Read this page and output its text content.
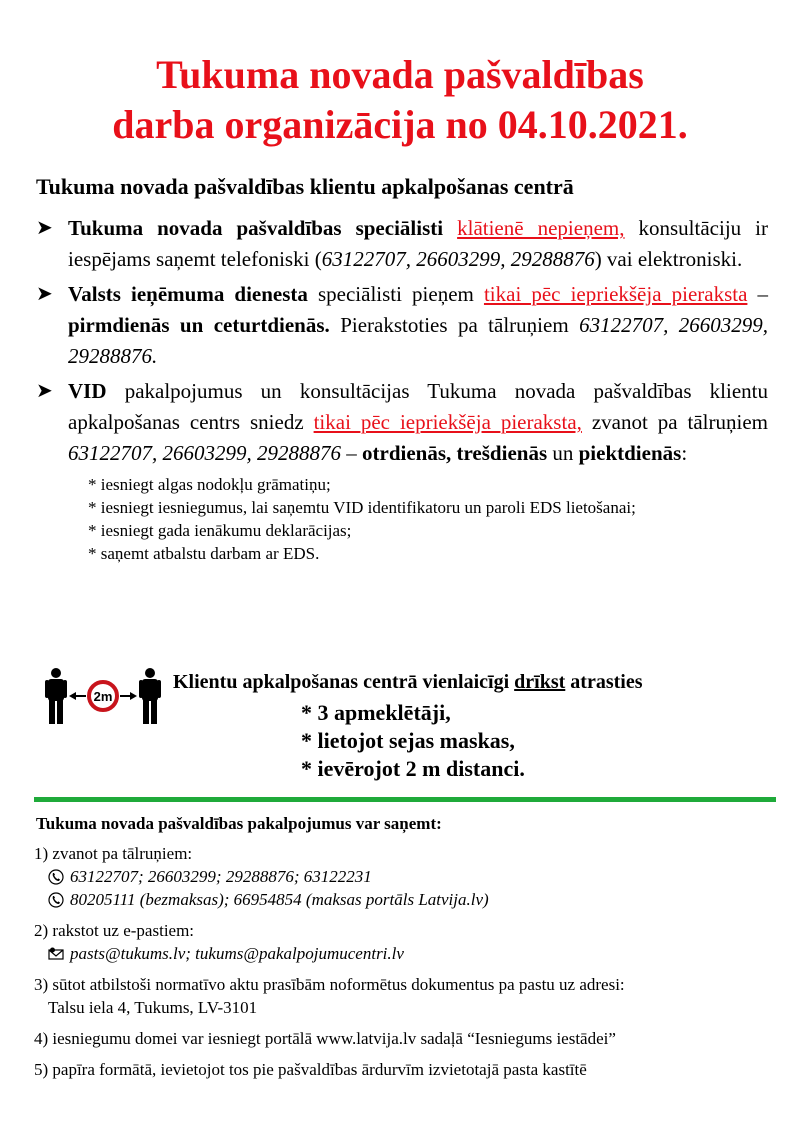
Tukuma novada pašvaldības
darba organizācija no 04.10.2021.
Tukuma novada pašvaldības klientu apkalpošanas centrā
➤ Tukuma novada pašvaldības speciālisti klātienē nepieņem, konsultāciju ir iespējams saņemt telefoniski (63122707, 26603299, 29288876) vai elektroniski.
➤ Valsts ieņēmuma dienesta speciālisti pieņem tikai pēc iepriekšēja pieraksta – pirmdienās un ceturtdienās. Pierakstoties pa tālruņiem 63122707, 26603299, 29288876.
➤ VID pakalpojumus un konsultācijas Tukuma novada pašvaldības klientu apkalpošanas centrs sniedz tikai pēc iepriekšēja pieraksta, zvanot pa tālruņiem 63122707, 26603299, 29288876 – otrdienās, trešdienās un piektdienās:
* iesniegt algas nodokļu grāmatiņu;
* iesniegt iesniegumus, lai saņemtu VID identifikatoru un paroli EDS lietošanai;
* iesniegt gada ienākumu deklarācijas;
* saņemt atbalstu darbam ar EDS.
2m
Klientu apkalpošanas centrā vienlaicīgi drīkst atrasties
* 3 apmeklētāji,
* lietojot sejas maskas,
* ievērojot 2 m distanci.
Tukuma novada pašvaldības pakalpojumus var saņemt:
1) zvanot pa tālruņiem:
63122707; 26603299; 29288876; 63122231
80205111 (bezmaksas); 66954854 (maksas portāls Latvija.lv)
2) rakstot uz e-pastiem:
pasts@tukums.lv; tukums@pakalpojumucentri.lv
3) sūtot atbilstoši normatīvo aktu prasībām noformētus dokumentus pa pastu uz adresi:
Talsu iela 4, Tukums, LV-3101
4) iesniegumu domei var iesniegt portālā www.latvija.lv sadaļā “Iesniegums iestādei”
5) papīra formātā, ievietojot tos pie pašvaldības ārdurvīm izvietotajā pasta kastītē
